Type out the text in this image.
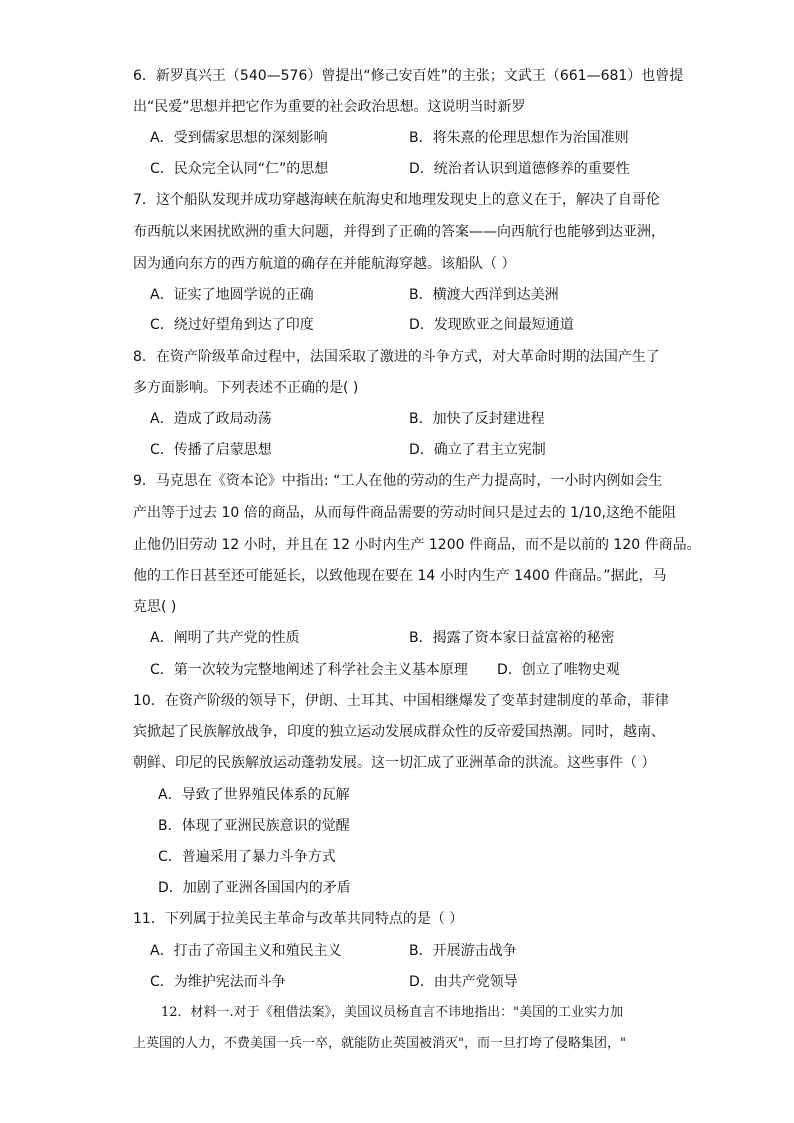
6．新罗真兴王（540—576）曾提出“修己安百姓”的主张；文武王（661—681）也曾提
出“民爱”思想并把它作为重要的社会政治思想。这说明当时新罗
A．受到儒家思想的深刻影响	B．将朱熹的伦理思想作为治国准则
C．民众完全认同“仁”的思想	D．统治者认识到道德修养的重要性
7．这个船队发现并成功穿越海峡在航海史和地理发现史上的意义在于，解决了自哥伦
布西航以来困扰欧洲的重大问题，并得到了正确的答案——向西航行也能够到达亚洲，
因为通向东方的西方航道的确存在并能航海穿越。该船队（ ）
A．证实了地圆学说的正确	B．横渡大西洋到达美洲
C．绕过好望角到达了印度	D．发现欧亚之间最短通道
8．在资产阶级革命过程中，法国采取了激进的斗争方式，对大革命时期的法国产生了
多方面影响。下列表述不正确的是( )
A．造成了政局动荡	B．加快了反封建进程
C．传播了启蒙思想	D．确立了君主立宪制
9．马克思在《资本论》中指出: “工人在他的劳动的生产力提高时，一小时内例如会生
产出等于过去 10 倍的商品，从而每件商品需要的劳动时间只是过去的 1/10,这绝不能阻
止他仍旧劳动 12 小时，并且在 12 小时内生产 1200 件商品，而不是以前的 120 件商品。
他的工作日甚至还可能延长，以致他现在要在 14 小时内生产 1400 件商品。”据此，马
克思( )
A．阐明了共产党的性质	B．揭露了资本家日益富裕的秘密
C．第一次较为完整地阐述了科学社会主义基本原理 D．创立了唯物史观
10．在资产阶级的领导下，伊朗、土耳其、中国相继爆发了变革封建制度的革命，菲律
宾掀起了民族解放战争，印度的独立运动发展成群众性的反帝爱国热潮。同时，越南、
朝鲜、印尼的民族解放运动蓬勃发展。这一切汇成了亚洲革命的洪流。这些事件（ ）
A．导致了世界殖民体系的瓦解
B．体现了亚洲民族意识的觉醒
C．普遍采用了暴力斗争方式
D．加剧了亚洲各国国内的矛盾
11．下列属于拉美民主革命与改革共同特点的是（ ）
A．打击了帝国主义和殖民主义	B．开展游击战争
C．为维护宪法而斗争	D．由共产党领导
12．材料一.对于《租借法案》，美国议员杨直言不讳地指出："美国的工业实力加
上英国的人力，不费美国一兵一卒，就能防止英国被消灭"，而一旦打垮了侵略集团，"
